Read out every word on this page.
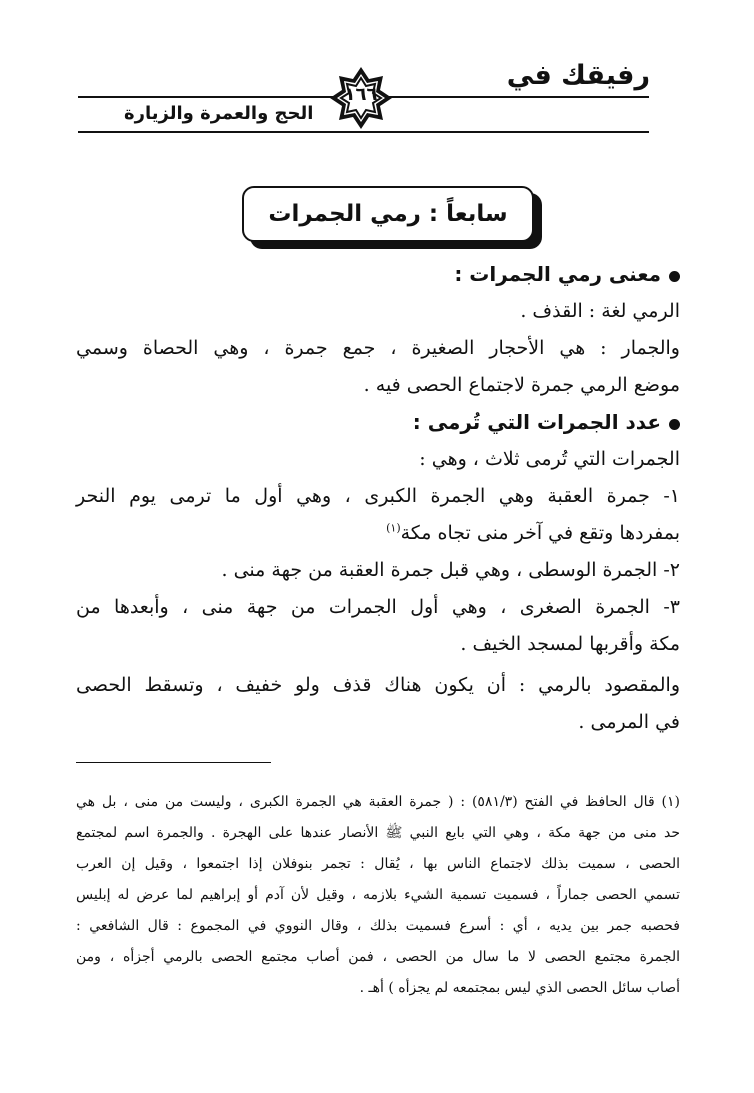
رفيقك في
الحج والعمرة والزيارة
١٦٦
سابعاً : رمي الجمرات
معنى رمي الجمرات :
الرمي لغة : القذف .
والجمار : هي الأحجار الصغيرة ، جمع جمرة ، وهي الحصاة وسمي
موضع الرمي جمرة لاجتماع الحصى فيه .
عدد الجمرات التي تُرمى :
الجمرات التي تُرمى ثلاث ، وهي :
١- جمرة العقبة وهي الجمرة الكبرى ، وهي أول ما ترمى يوم النحر
بمفردها وتقع في آخر منى تجاه مكة$^{(١)}$
٢- الجمرة الوسطى ، وهي قبل جمرة العقبة من جهة منى .
٣- الجمرة الصغرى ، وهي أول الجمرات من جهة منى ، وأبعدها من
مكة وأقربها لمسجد الخيف .
والمقصود بالرمي : أن يكون هناك قذف ولو خفيف ، وتسقط الحصى
في المرمى .
(١) قال الحافظ في الفتح (٥٨١/٣) : ( جمرة العقبة هي الجمرة الكبرى ، وليست من منى ، بل هي
حد منى من جهة مكة ، وهي التي بايع النبي ﷺ الأنصار عندها على الهجرة . والجمرة اسم لمجتمع
الحصى ، سميت بذلك لاجتماع الناس بها ، يُقال : تجمر بنوفلان إذا اجتمعوا ، وقيل إن العرب
تسمي الحصى جماراً ، فسميت تسمية الشيء بلازمه ، وقيل لأن آدم أو إبراهيم لما عرض له إبليس
فحصبه جمر بين يديه ، أي : أسرع فسميت بذلك ، وقال النووي في المجموع : قال الشافعي :
الجمرة مجتمع الحصى لا ما سال من الحصى ، فمن أصاب مجتمع الحصى بالرمي أجزأه ، ومن
أصاب سائل الحصى الذي ليس بمجتمعه لم يجزأه ) أهـ .
